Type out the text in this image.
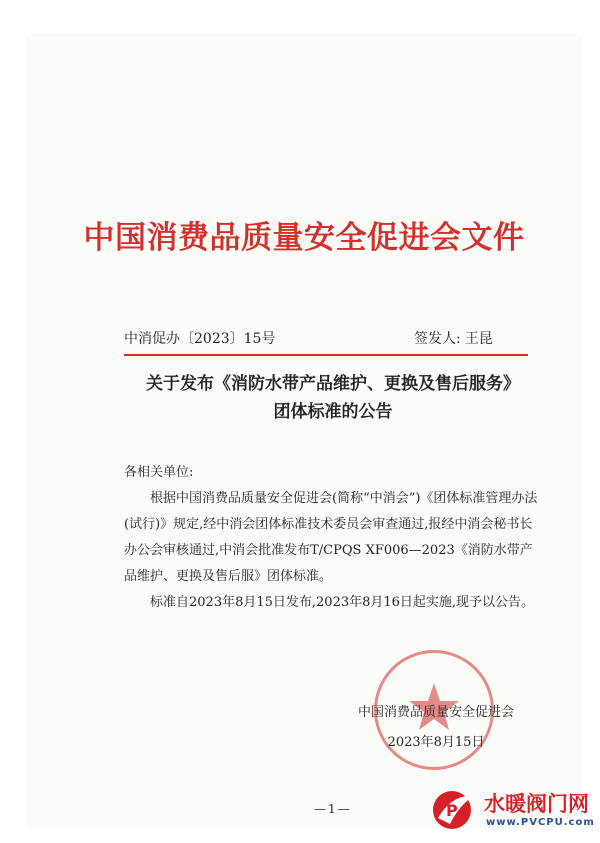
中国消费品质量安全促进会文件
中消促办〔2023〕15号	签发人: 王昆
关于发布《消防水带产品维护、更换及售后服务》
团体标准的公告
各相关单位:
根据中国消费品质量安全促进会(简称“中消会”)《团体标准管理办法(试行)》规定,经中消会团体标准技术委员会审查通过,报经中消会秘书长办公会审核通过,中消会批准发布T/CPQS XF006—2023《消防水带产品维护、更换及售后服》团体标准。
标准自2023年8月15日发布,2023年8月16日起实施,现予以公告。
中国消费品质量安全促进会
2023年8月15日
—1—	P 水暖阀门网
www.PVCPU.com
